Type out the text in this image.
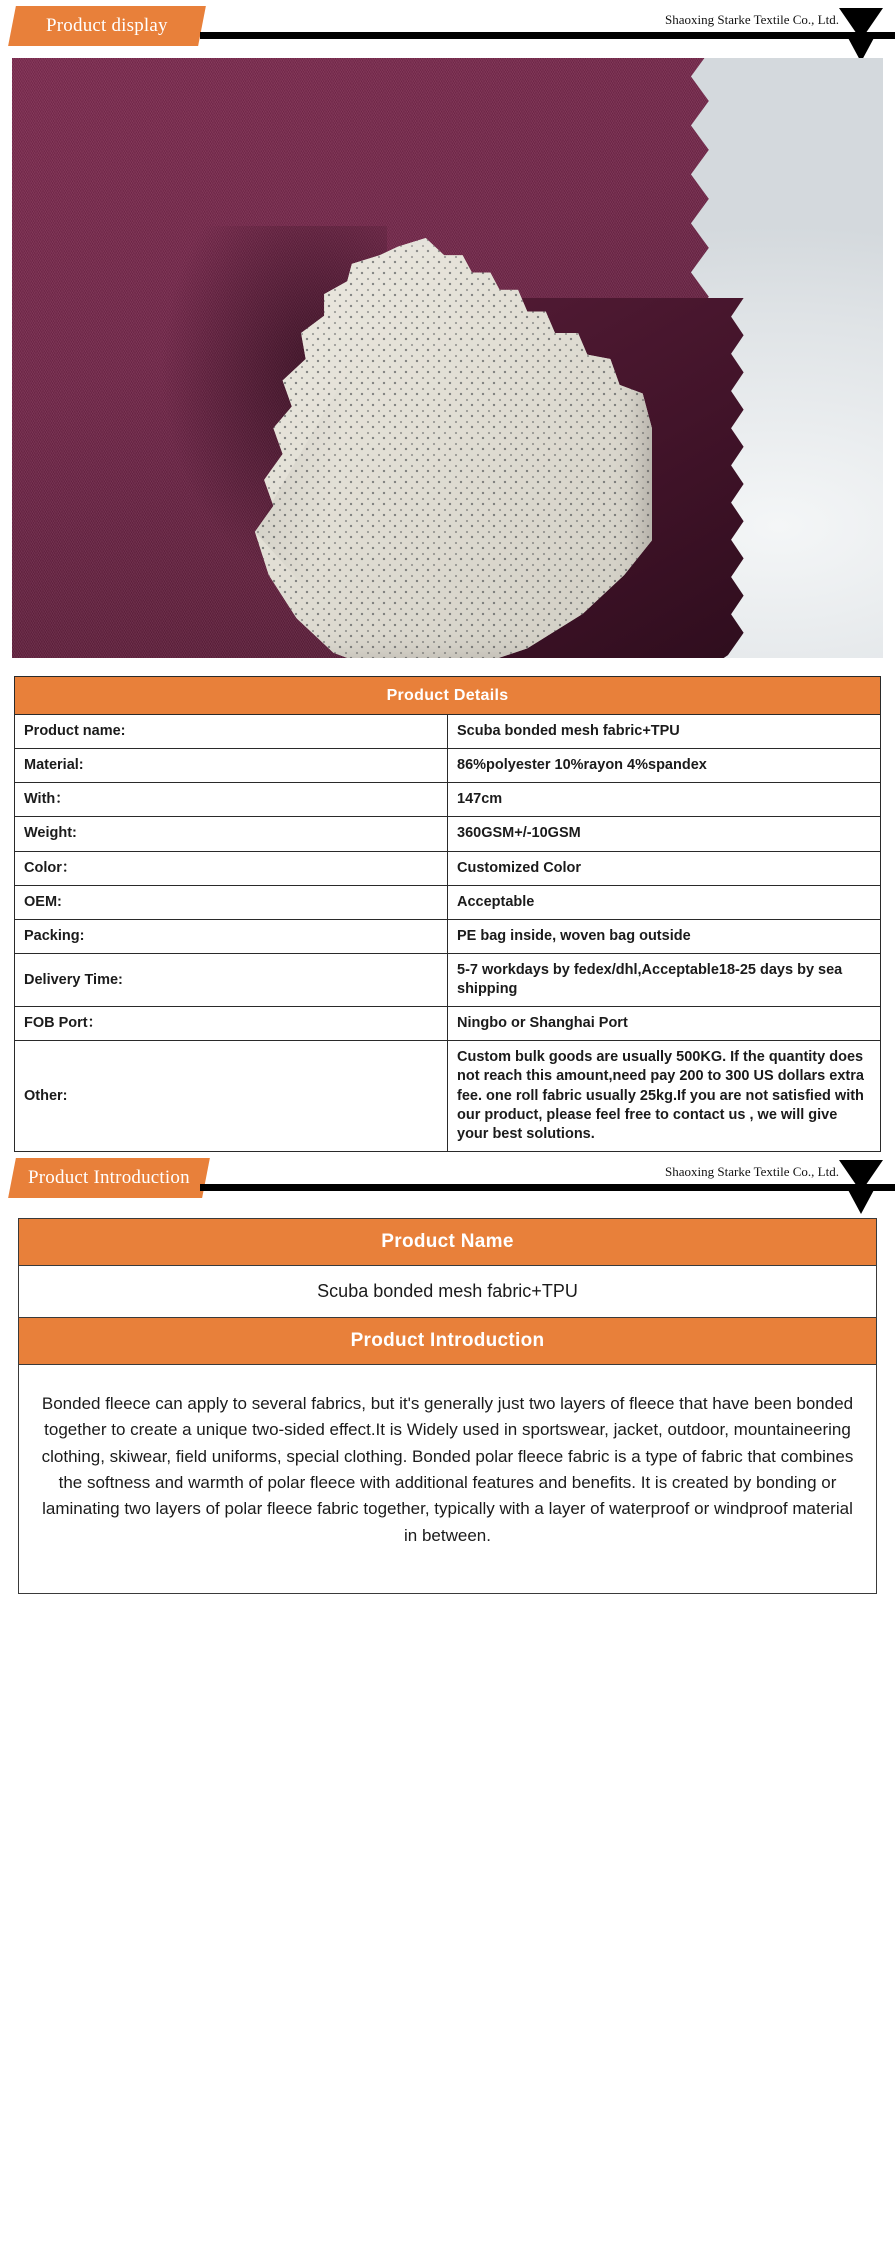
Product display	Shaoxing Starke Textile Co., Ltd.
Product Details	
Product name:	Scuba bonded mesh fabric+TPU
Material:	86%polyester 10%rayon 4%spandex
With：	147cm
Weight:	360GSM+/-10GSM
Color：	Customized Color
OEM:	Acceptable
Packing:	PE bag inside, woven bag outside
Delivery Time:	5-7 workdays by fedex/dhl,Acceptable18-25 days by sea shipping
FOB Port：	Ningbo or Shanghai Port
Other:	Custom bulk goods are usually 500KG. If the quantity does not reach this amount,need pay 200 to 300 US dollars extra fee. one roll fabric usually 25kg.If you are not satisfied with our product, please feel free to contact us , we will give your best solutions.
Product Introduction	Shaoxing Starke Textile Co., Ltd.
Product Name
Scuba bonded mesh fabric+TPU
Product Introduction
Bonded fleece can apply to several fabrics, but it's generally just two layers of fleece that have been bonded together to create a unique two-sided effect.It is Widely used in sportswear, jacket, outdoor, mountaineering clothing, skiwear, field uniforms, special clothing. Bonded polar fleece fabric is a type of fabric that combines the softness and warmth of polar fleece with additional features and benefits. It is created by bonding or laminating two layers of polar fleece fabric together, typically with a layer of waterproof or windproof material in between.
